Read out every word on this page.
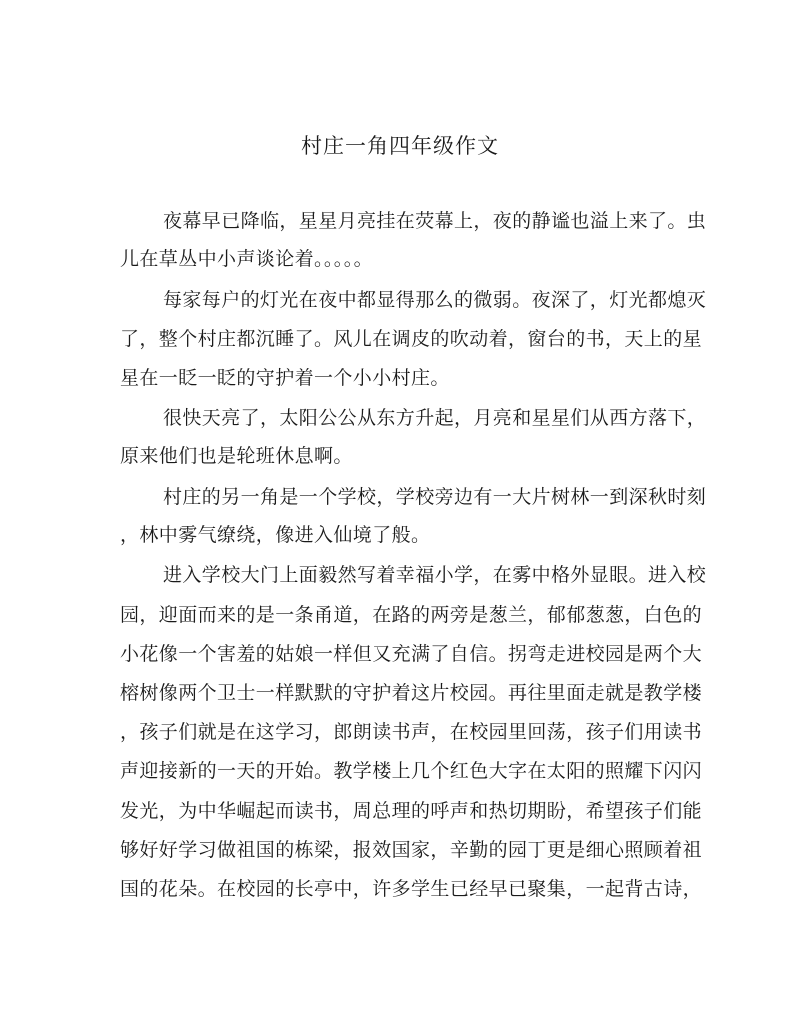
村庄一角四年级作文
夜幕早已降临，星星月亮挂在荧幕上，夜的静谧也溢上来了。虫
儿在草丛中小声谈论着。。。。。
每家每户的灯光在夜中都显得那么的微弱。夜深了，灯光都熄灭
了，整个村庄都沉睡了。风儿在调皮的吹动着，窗台的书，天上的星
星在一眨一眨的守护着一个小小村庄。
很快天亮了，太阳公公从东方升起，月亮和星星们从西方落下，
原来他们也是轮班休息啊。
村庄的另一角是一个学校，学校旁边有一大片树林一到深秋时刻
，林中雾气缭绕，像进入仙境了般。
进入学校大门上面毅然写着幸福小学，在雾中格外显眼。进入校
园，迎面而来的是一条甬道，在路的两旁是葱兰，郁郁葱葱，白色的
小花像一个害羞的姑娘一样但又充满了自信。拐弯走进校园是两个大
榕树像两个卫士一样默默的守护着这片校园。再往里面走就是教学楼
，孩子们就是在这学习，郎朗读书声，在校园里回荡，孩子们用读书
声迎接新的一天的开始。教学楼上几个红色大字在太阳的照耀下闪闪
发光，为中华崛起而读书，周总理的呼声和热切期盼，希望孩子们能
够好好学习做祖国的栋梁，报效国家，辛勤的园丁更是细心照顾着祖
国的花朵。在校园的长亭中，许多学生已经早已聚集，一起背古诗，
